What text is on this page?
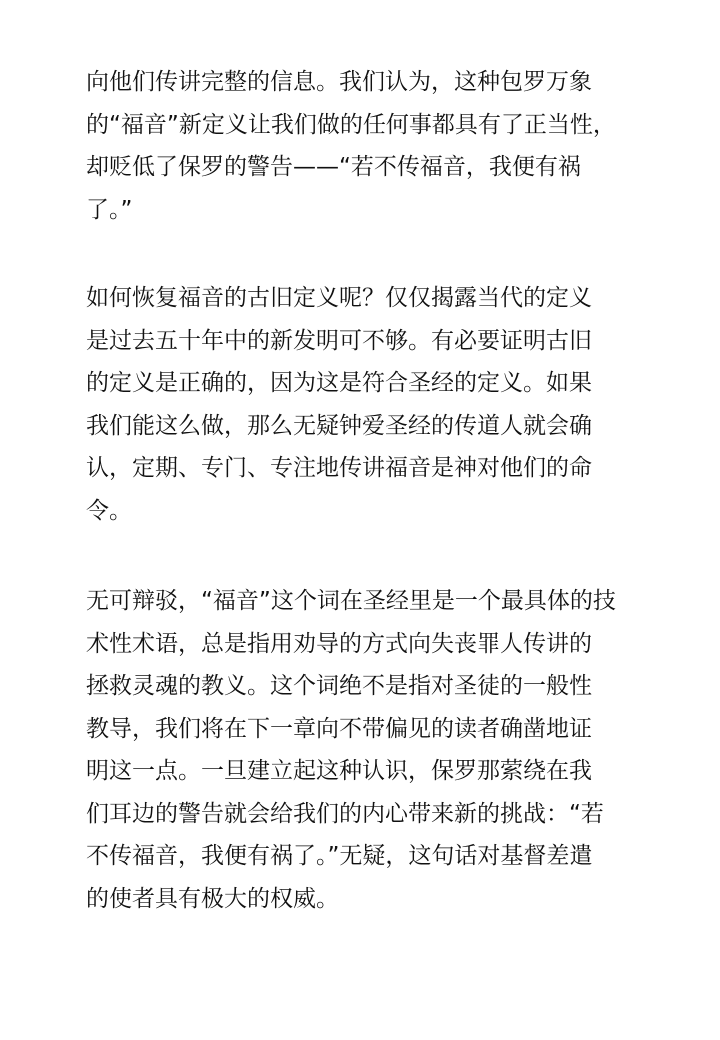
向他们传讲完整的信息。我们认为，这种包罗万象
的“福音”新定义让我们做的任何事都具有了正当性，
却贬低了保罗的警告——“若不传福音，我便有祸
了。”

如何恢复福音的古旧定义呢？仅仅揭露当代的定义
是过去五十年中的新发明可不够。有必要证明古旧
的定义是正确的，因为这是符合圣经的定义。如果
我们能这么做，那么无疑钟爱圣经的传道人就会确
认，定期、专门、专注地传讲福音是神对他们的命
令。

无可辩驳，“福音”这个词在圣经里是一个最具体的技
术性术语，总是指用劝导的方式向失丧罪人传讲的
拯救灵魂的教义。这个词绝不是指对圣徒的一般性
教导，我们将在下一章向不带偏见的读者确凿地证
明这一点。一旦建立起这种认识，保罗那萦绕在我
们耳边的警告就会给我们的内心带来新的挑战：“若
不传福音，我便有祸了。”无疑，这句话对基督差遣
的使者具有极大的权威。
